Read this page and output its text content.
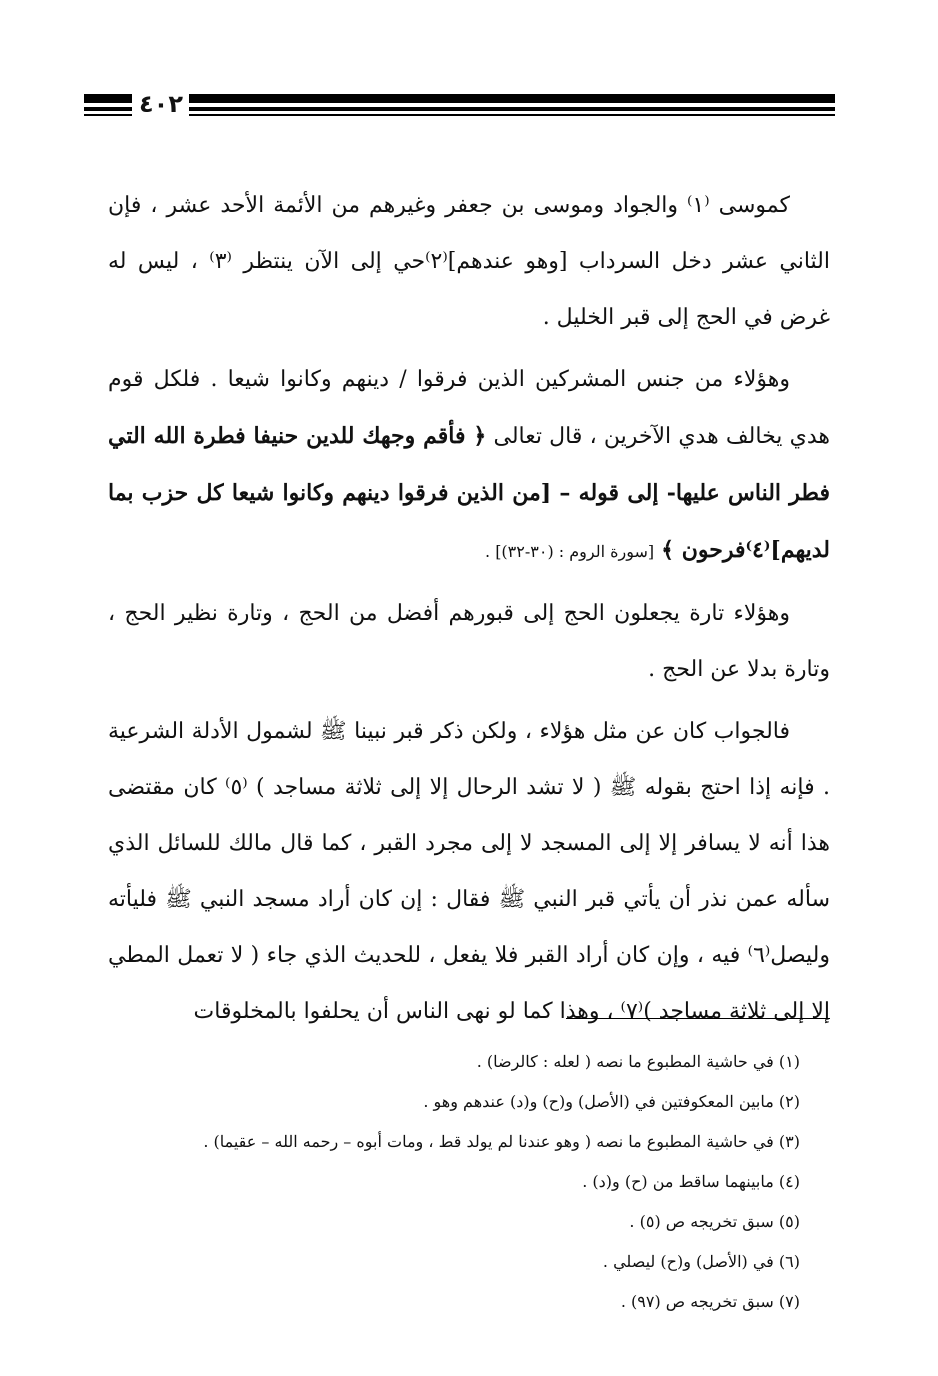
٤٠٢

كموسى ⁽١⁾ والجواد وموسى بن جعفر وغيرهم من الأئمة الأحد عشر ، فإن الثاني عشر دخل السرداب [وهو عندهم]⁽٢⁾حي إلى الآن ينتظر ⁽٣⁾ ، ليس له غرض في الحج إلى قبر الخليل .

وهؤلاء من جنس المشركين الذين فرقوا / دينهم وكانوا شيعا . فلكل قوم هدي يخالف هدي الآخرين ، قال تعالى ﴿ فأقم وجهك للدين حنيفا فطرة الله التي فطر الناس عليها- إلى قوله – [من الذين فرقوا دينهم وكانوا شيعا كل حزب بما لديهم]⁽٤⁾فرحون ﴾ [سورة الروم : (٣٠-٣٢)] .

وهؤلاء تارة يجعلون الحج إلى قبورهم أفضل من الحج ، وتارة نظير الحج ، وتارة بدلا عن الحج .

فالجواب كان عن مثل هؤلاء ، ولكن ذكر قبر نبينا ﷺ لشمول الأدلة الشرعية . فإنه إذا احتج بقوله ﷺ ( لا تشد الرحال إلا إلى ثلاثة مساجد ) ⁽٥⁾ كان مقتضى هذا أنه لا يسافر إلا إلى المسجد لا إلى مجرد القبر ، كما قال مالك للسائل الذي سأله عمن نذر أن يأتي قبر النبي ﷺ فقال : إن كان أراد مسجد النبي ﷺ فليأته وليصل⁽٦⁾ فيه ، وإن كان أراد القبر فلا يفعل ، للحديث الذي جاء ( لا تعمل المطي إلا إلى ثلاثة مساجد )⁽٧⁾ ، وهذا كما لو نهى الناس أن يحلفوا بالمخلوقات

(١) في حاشية المطبوع ما نصه ( لعله : كالرضا) .
(٢) مابين المعكوفتين في (الأصل) و(ح) و(د) عندهم وهو .
(٣) في حاشية المطبوع ما نصه ( وهو عندنا لم يولد قط ، ومات أبوه – رحمه الله – عقيما) .
(٤) مابينهما ساقط من (ح) و(د) .
(٥) سبق تخريجه ص (٥) .
(٦) في (الأصل) و(ح) ليصلي .
(٧) سبق تخريجه ص (٩٧) .
